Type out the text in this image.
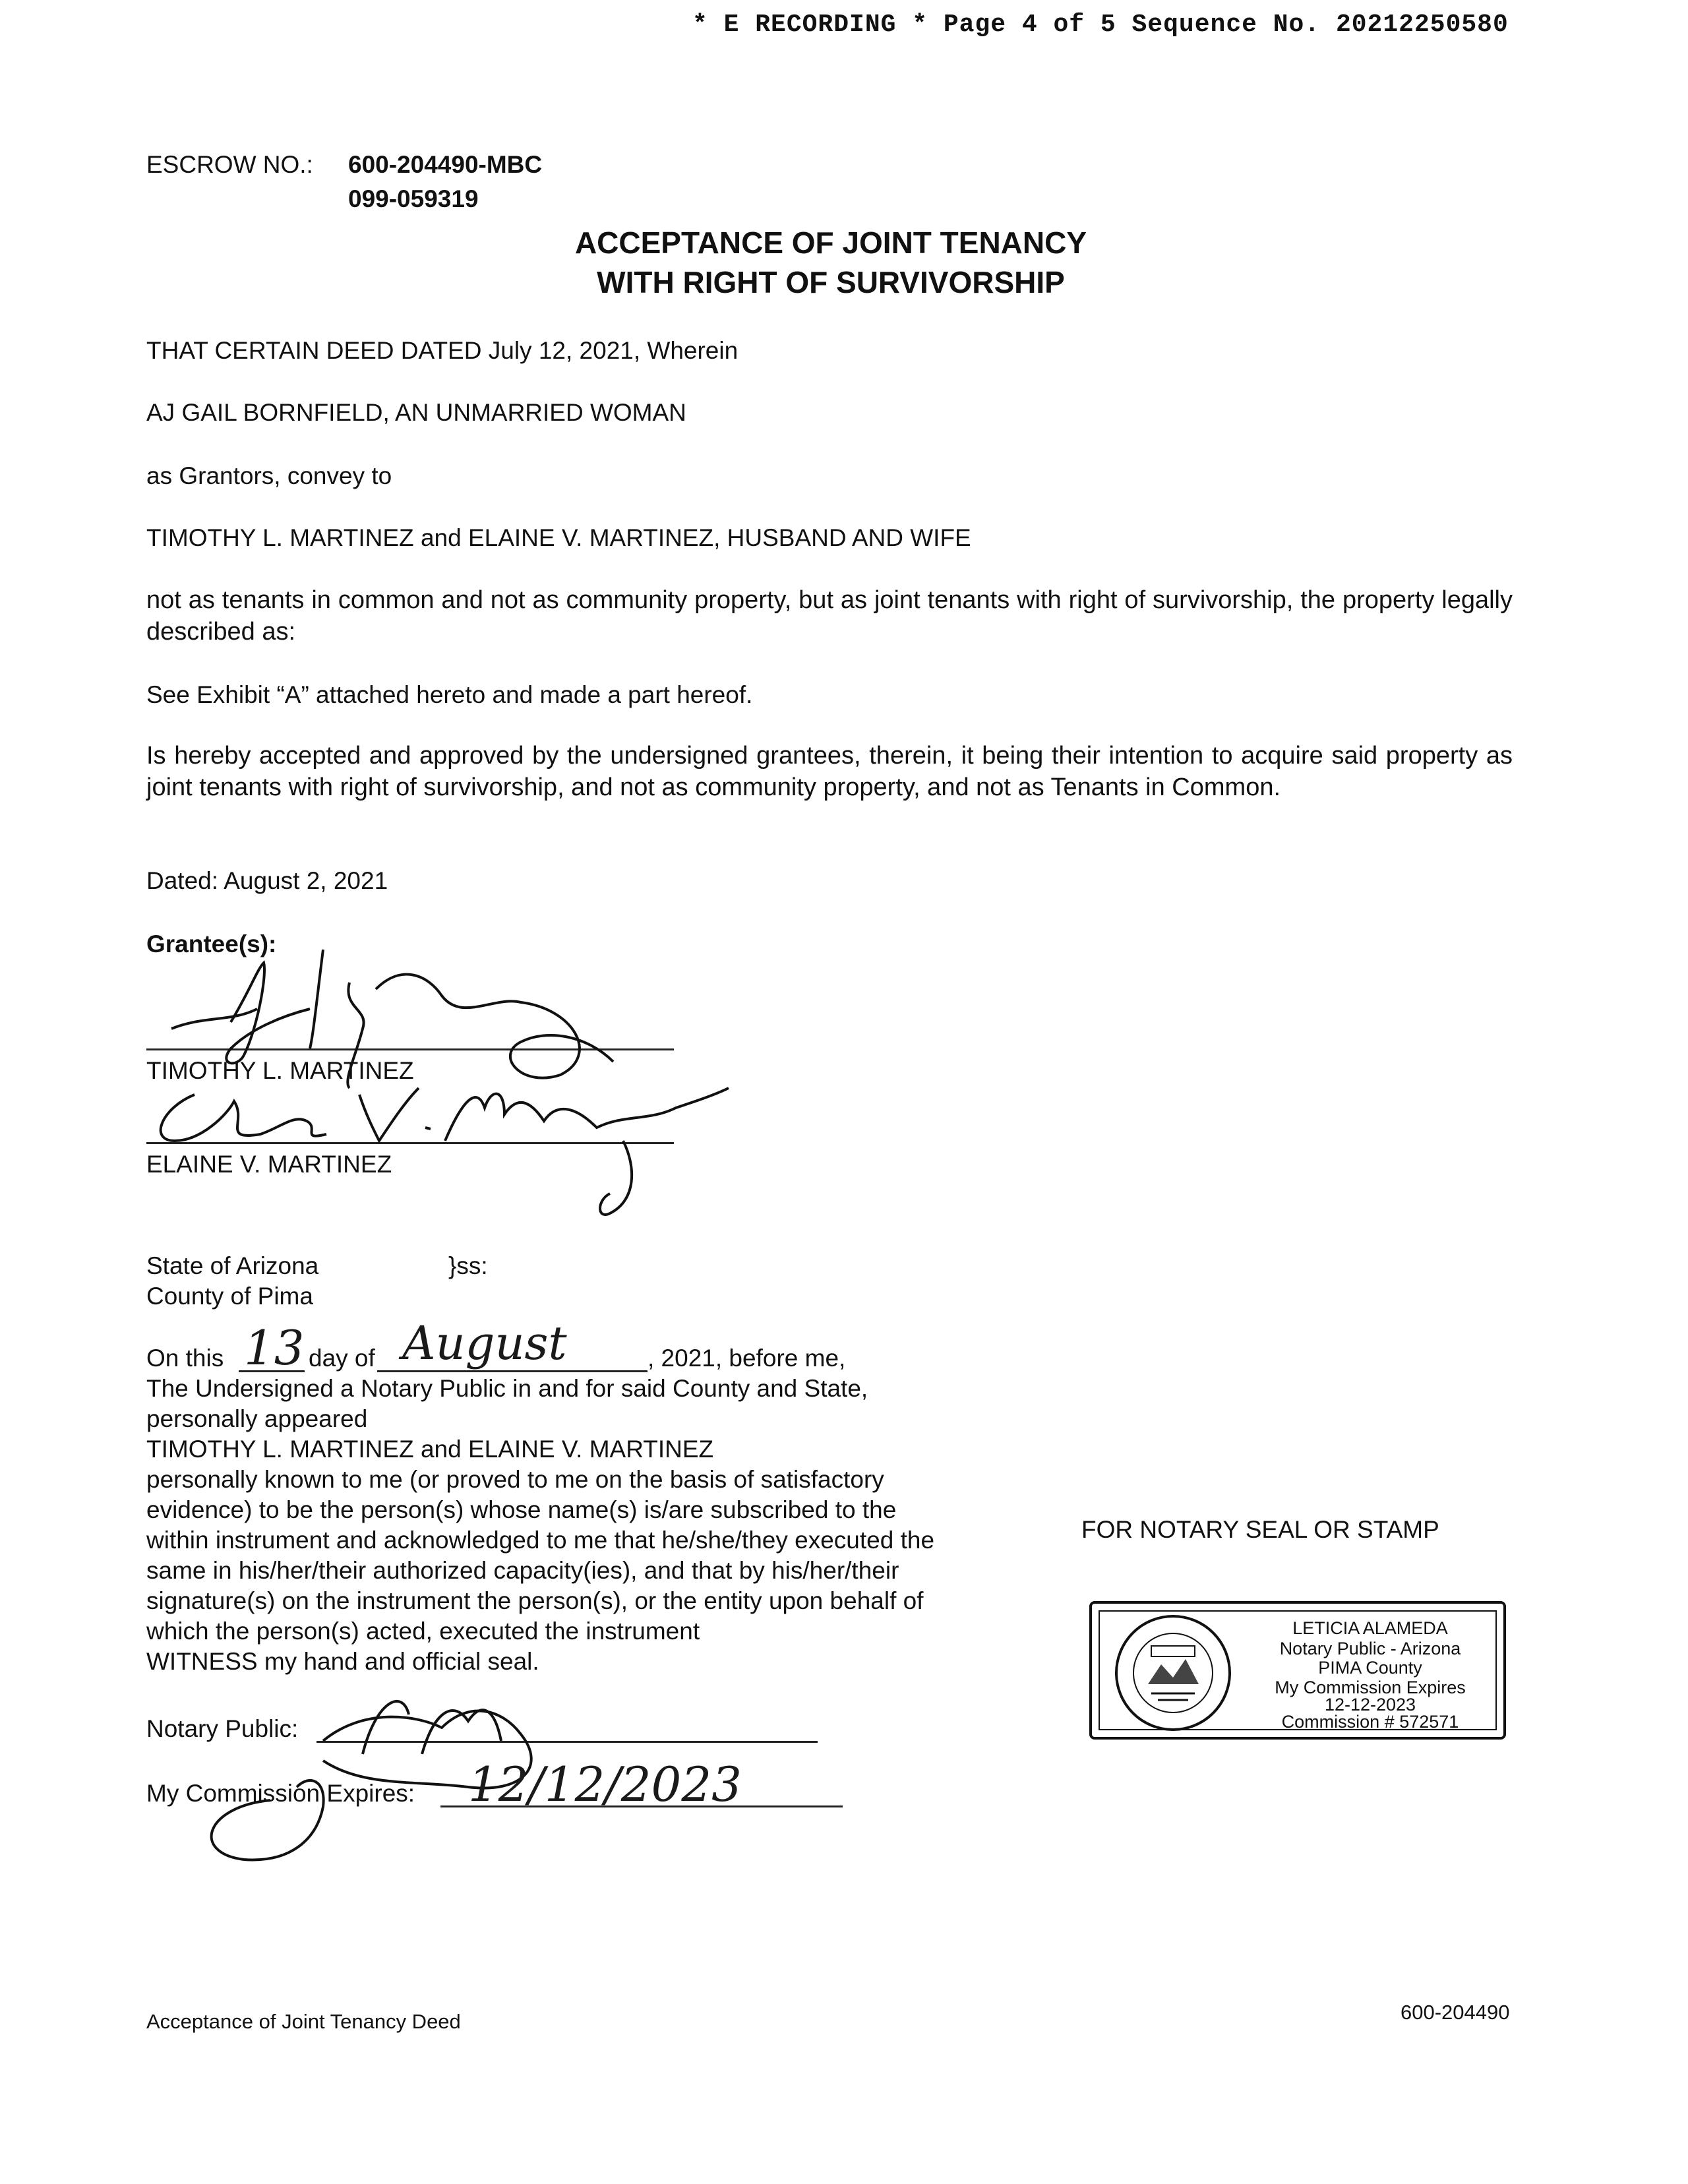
* E RECORDING * Page 4 of 5 Sequence No. 20212250580
ESCROW NO.: 600-204490-MBC
099-059319
ACCEPTANCE OF JOINT TENANCY
WITH RIGHT OF SURVIVORSHIP
THAT CERTAIN DEED DATED July 12, 2021, Wherein
AJ GAIL BORNFIELD, AN UNMARRIED WOMAN
as Grantors, convey to
TIMOTHY L. MARTINEZ and ELAINE V. MARTINEZ, HUSBAND AND WIFE
not as tenants in common and not as community property, but as joint tenants with right of survivorship, the property legally described as:
See Exhibit “A” attached hereto and made a part hereof.
Is hereby accepted and approved by the undersigned grantees, therein, it being their intention to acquire said property as joint tenants with right of survivorship, and not as community property, and not as Tenants in Common.
Dated: August 2, 2021
Grantee(s):
TIMOTHY L. MARTINEZ
ELAINE V. MARTINEZ
State of Arizona	}ss:
County of Pima
On this 13 day of August	, 2021, before me,
The Undersigned a Notary Public in and for said County and State,
personally appeared
TIMOTHY L. MARTINEZ and ELAINE V. MARTINEZ
personally known to me (or proved to me on the basis of satisfactory
evidence) to be the person(s) whose name(s) is/are subscribed to the
within instrument and acknowledged to me that he/she/they executed the
same in his/her/their authorized capacity(ies), and that by his/her/their
signature(s) on the instrument the person(s), or the entity upon behalf of
which the person(s) acted, executed the instrument
WITNESS my hand and official seal.
Notary Public:
My Commission Expires: 12/12/2023
FOR NOTARY SEAL OR STAMP
LETICIA ALAMEDA
Notary Public - Arizona
PIMA County
My Commission Expires
12-12-2023
Commission # 572571
Acceptance of Joint Tenancy Deed	600-204490
